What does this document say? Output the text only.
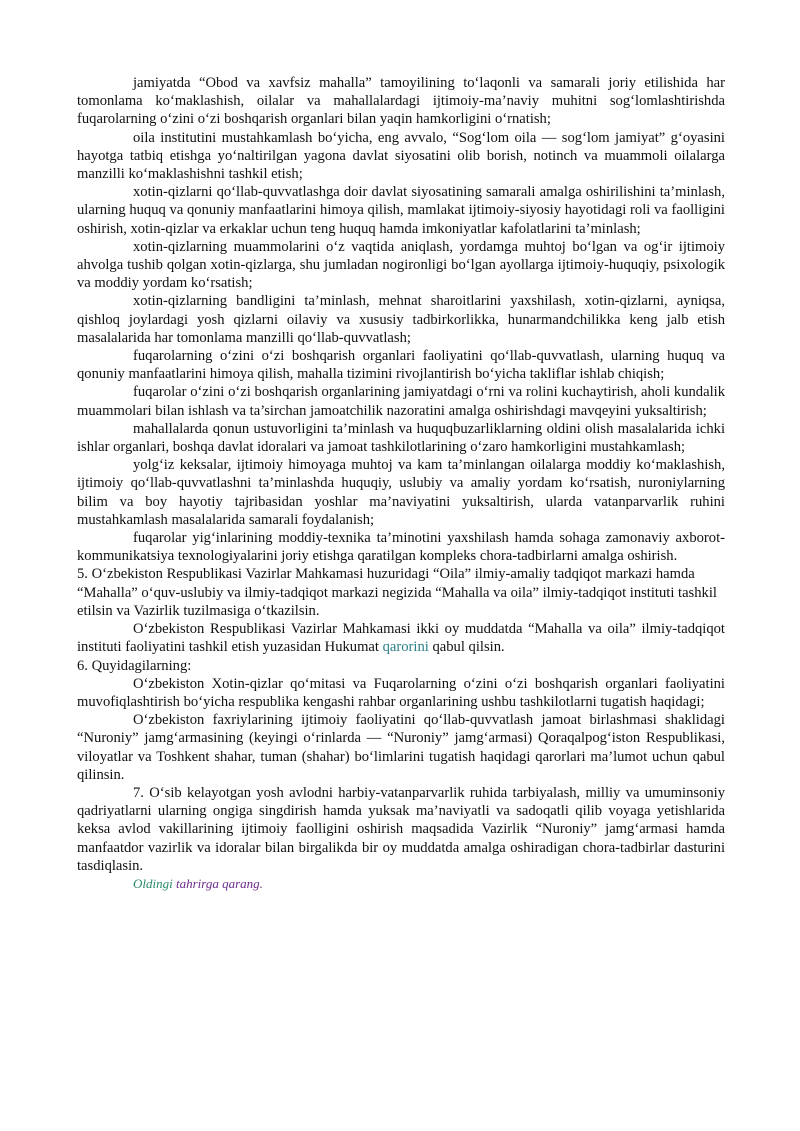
jamiyatda “Obod va xavfsiz mahalla” tamoyilining to‘laqonli va samarali joriy etilishida har tomonlama ko‘maklashish, oilalar va mahallalardagi ijtimoiy-ma’naviy muhitni sog‘lomlashtirishda fuqarolarning o‘zini o‘zi boshqarish organlari bilan yaqin hamkorligini o‘rnatish;

oila institutini mustahkamlash bo‘yicha, eng avvalo, “Sog‘lom oila — sog‘lom jamiyat” g‘oyasini hayotga tatbiq etishga yo‘naltirilgan yagona davlat siyosatini olib borish, notinch va muammoli oilalarga manzilli ko‘maklashishni tashkil etish;

xotin-qizlarni qo‘llab-quvvatlashga doir davlat siyosatining samarali amalga oshirilishini ta’minlash, ularning huquq va qonuniy manfaatlarini himoya qilish, mamlakat ijtimoiy-siyosiy hayotidagi roli va faolligini oshirish, xotin-qizlar va erkaklar uchun teng huquq hamda imkoniyatlar kafolatlarini ta’minlash;

xotin-qizlarning muammolarini o‘z vaqtida aniqlash, yordamga muhtoj bo‘lgan va og‘ir ijtimoiy ahvolga tushib qolgan xotin-qizlarga, shu jumladan nogironligi bo‘lgan ayollarga ijtimoiy-huquqiy, psixologik va moddiy yordam ko‘rsatish;

xotin-qizlarning bandligini ta’minlash, mehnat sharoitlarini yaxshilash, xotin-qizlarni, ayniqsa, qishloq joylardagi yosh qizlarni oilaviy va xususiy tadbirkorlikka, hunarmandchilikka keng jalb etish masalalarida har tomonlama manzilli qo‘llab-quvvatlash;

fuqarolarning o‘zini o‘zi boshqarish organlari faoliyatini qo‘llab-quvvatlash, ularning huquq va qonuniy manfaatlarini himoya qilish, mahalla tizimini rivojlantirish bo‘yicha takliflar ishlab chiqish;

fuqarolar o‘zini o‘zi boshqarish organlarining jamiyatdagi o‘rni va rolini kuchaytirish, aholi kundalik muammolari bilan ishlash va ta’sirchan jamoatchilik nazoratini amalga oshirishdagi mavqeyini yuksaltirish;

mahallalarda qonun ustuvorligini ta’minlash va huquqbuzarliklarning oldini olish masalalarida ichki ishlar organlari, boshqa davlat idoralari va jamoat tashkilotlarining o‘zaro hamkorligini mustahkamlash;

yolg‘iz keksalar, ijtimoiy himoyaga muhtoj va kam ta’minlangan oilalarga moddiy ko‘maklashish, ijtimoiy qo‘llab-quvvatlashni ta’minlashda huquqiy, uslubiy va amaliy yordam ko‘rsatish, nuroniylarning bilim va boy hayotiy tajribasidan yoshlar ma’naviyatini yuksaltirish, ularda vatanparvarlik ruhini mustahkamlash masalalarida samarali foydalanish;

fuqarolar yig‘inlarining moddiy-texnika ta’minotini yaxshilash hamda sohaga zamonaviy axborot-kommunikatsiya texnologiyalarini joriy etishga qaratilgan kompleks chora-tadbirlarni amalga oshirish.

5. O‘zbekiston Respublikasi Vazirlar Mahkamasi huzuridagi “Oila” ilmiy-amaliy tadqiqot markazi hamda “Mahalla” o‘quv-uslubiy va ilmiy-tadqiqot markazi negizida “Mahalla va oila” ilmiy-tadqiqot instituti tashkil etilsin va Vazirlik tuzilmasiga o‘tkazilsin.

O‘zbekiston Respublikasi Vazirlar Mahkamasi ikki oy muddatda “Mahalla va oila” ilmiy-tadqiqot instituti faoliyatini tashkil etish yuzasidan Hukumat qarorini qabul qilsin.

6. Quyidagilarning:

O‘zbekiston Xotin-qizlar qo‘mitasi va Fuqarolarning o‘zini o‘zi boshqarish organlari faoliyatini muvofiqlashtirish bo‘yicha respublika kengashi rahbar organlarining ushbu tashkilotlarni tugatish haqidagi;

O‘zbekiston faxriylarining ijtimoiy faoliyatini qo‘llab-quvvatlash jamoat birlashmasi shaklidagi “Nuroniy” jamg‘armasining (keyingi o‘rinlarda — “Nuroniy” jamg‘armasi) Qoraqalpog‘iston Respublikasi, viloyatlar va Toshkent shahar, tuman (shahar) bo‘limlarini tugatish haqidagi qarorlari ma’lumot uchun qabul qilinsin.

7. O‘sib kelayotgan yosh avlodni harbiy-vatanparvarlik ruhida tarbiyalash, milliy va umuminsoniy qadriyatlarni ularning ongiga singdirish hamda yuksak ma’naviyatli va sadoqatli qilib voyaga yetishlarida keksa avlod vakillarining ijtimoiy faolligini oshirish maqsadida Vazirlik “Nuroniy” jamg‘armasi hamda manfaatdor vazirlik va idoralar bilan birgalikda bir oy muddatda amalga oshiradigan chora-tadbirlar dasturini tasdiqlasin.

Oldingi tahrirga qarang.
